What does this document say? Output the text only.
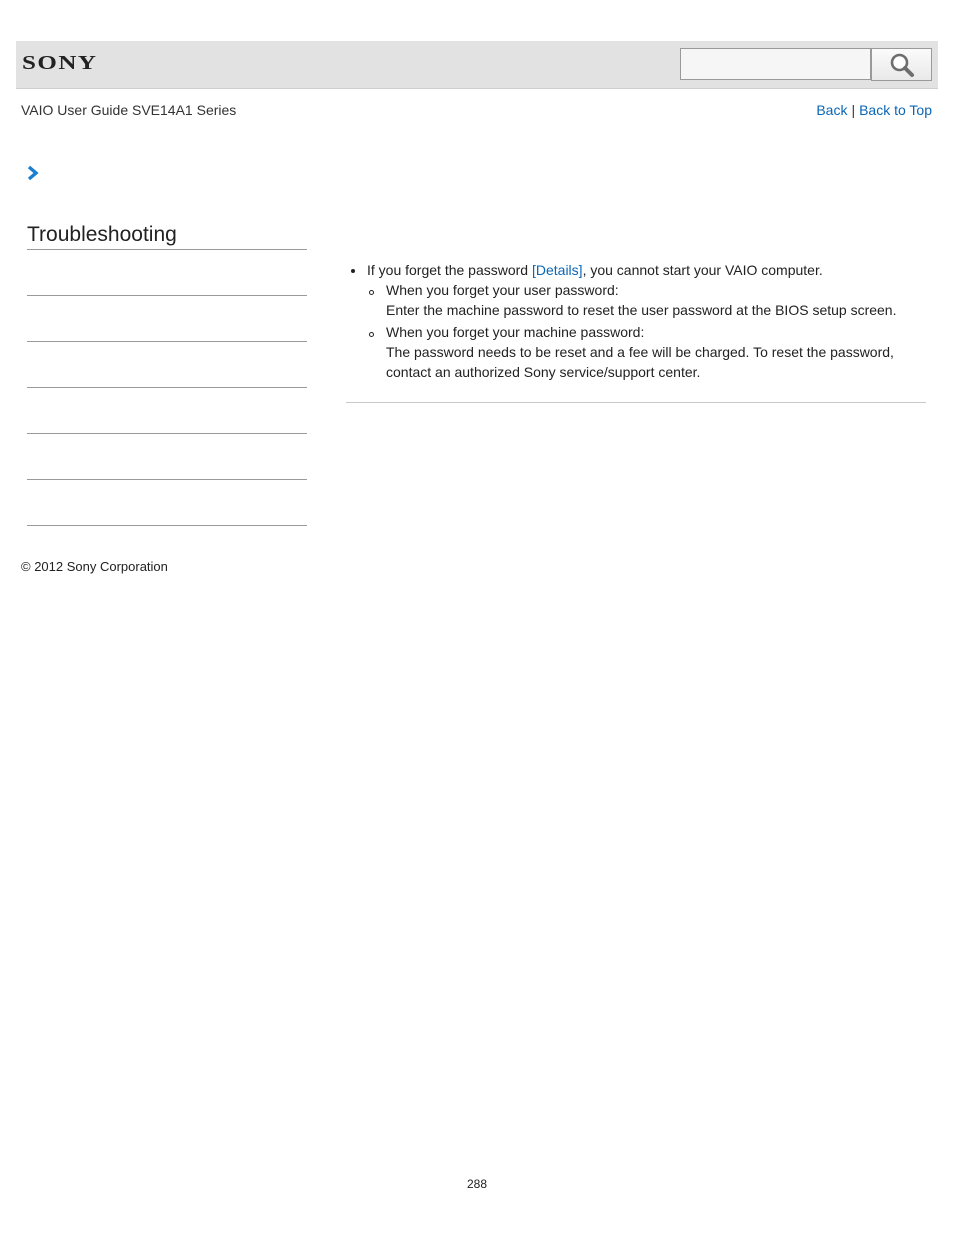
SONY
VAIO User Guide SVE14A1 Series	Back | Back to Top
Troubleshooting
If you forget the password [Details], you cannot start your VAIO computer.
When you forget your user password:
Enter the machine password to reset the user password at the BIOS setup screen.
When you forget your machine password:
The password needs to be reset and a fee will be charged. To reset the password, contact an authorized Sony service/support center.
© 2012 Sony Corporation
288
